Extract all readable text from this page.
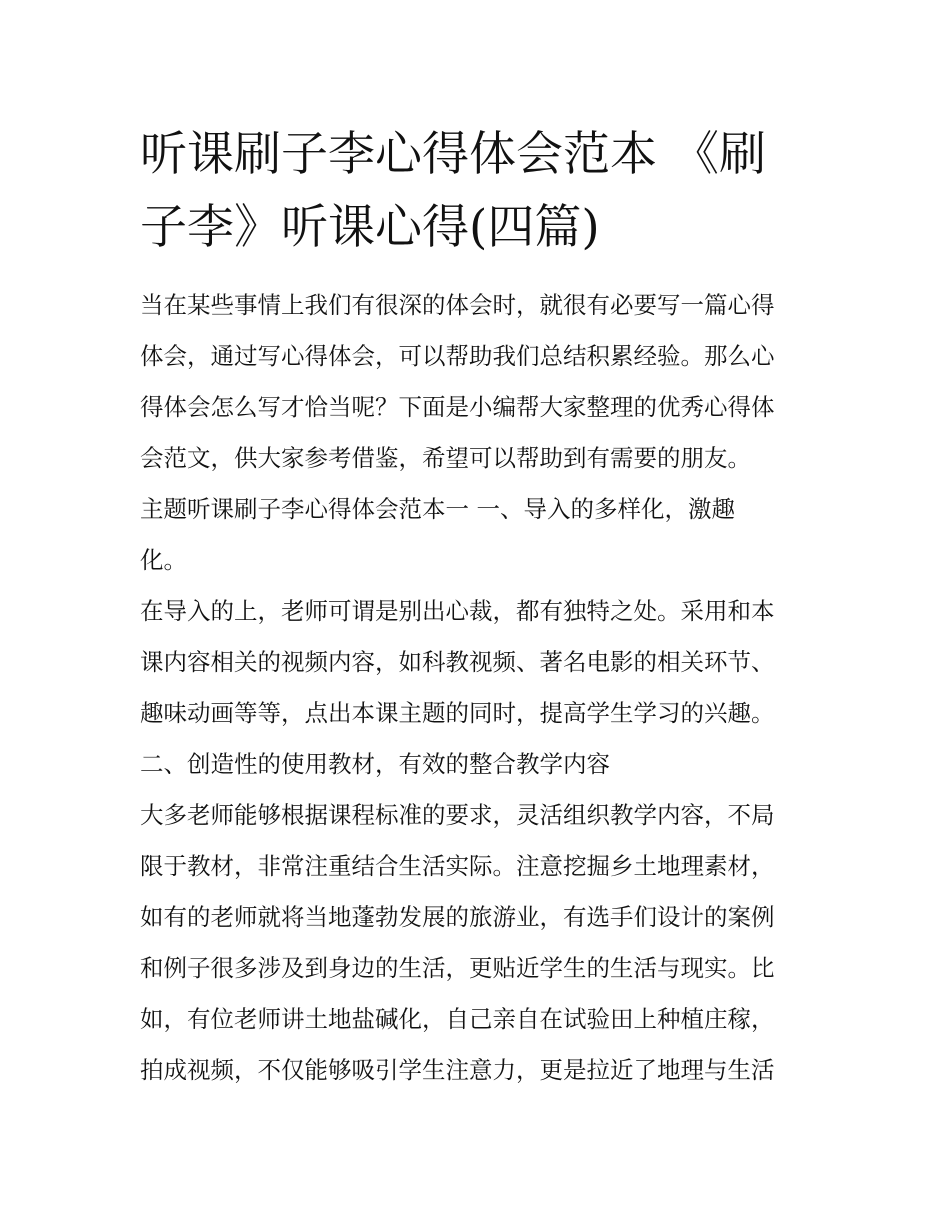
听课刷子李心得体会范本 《刷
子李》听课心得(四篇)

当在某些事情上我们有很深的体会时，就很有必要写一篇心得

体会，通过写心得体会，可以帮助我们总结积累经验。那么心

得体会怎么写才恰当呢？下面是小编帮大家整理的优秀心得体

会范文，供大家参考借鉴，希望可以帮助到有需要的朋友。

主题听课刷子李心得体会范本一 一、导入的多样化，激趣

化。

在导入的上，老师可谓是别出心裁，都有独特之处。采用和本

课内容相关的视频内容，如科教视频、著名电影的相关环节、

趣味动画等等，点出本课主题的同时，提高学生学习的兴趣。

二、创造性的使用教材，有效的整合教学内容

大多老师能够根据课程标准的要求，灵活组织教学内容，不局

限于教材，非常注重结合生活实际。注意挖掘乡土地理素材，

如有的老师就将当地蓬勃发展的旅游业，有选手们设计的案例

和例子很多涉及到身边的生活，更贴近学生的生活与现实。比

如，有位老师讲土地盐碱化，自己亲自在试验田上种植庄稼，

拍成视频，不仅能够吸引学生注意力，更是拉近了地理与生活
